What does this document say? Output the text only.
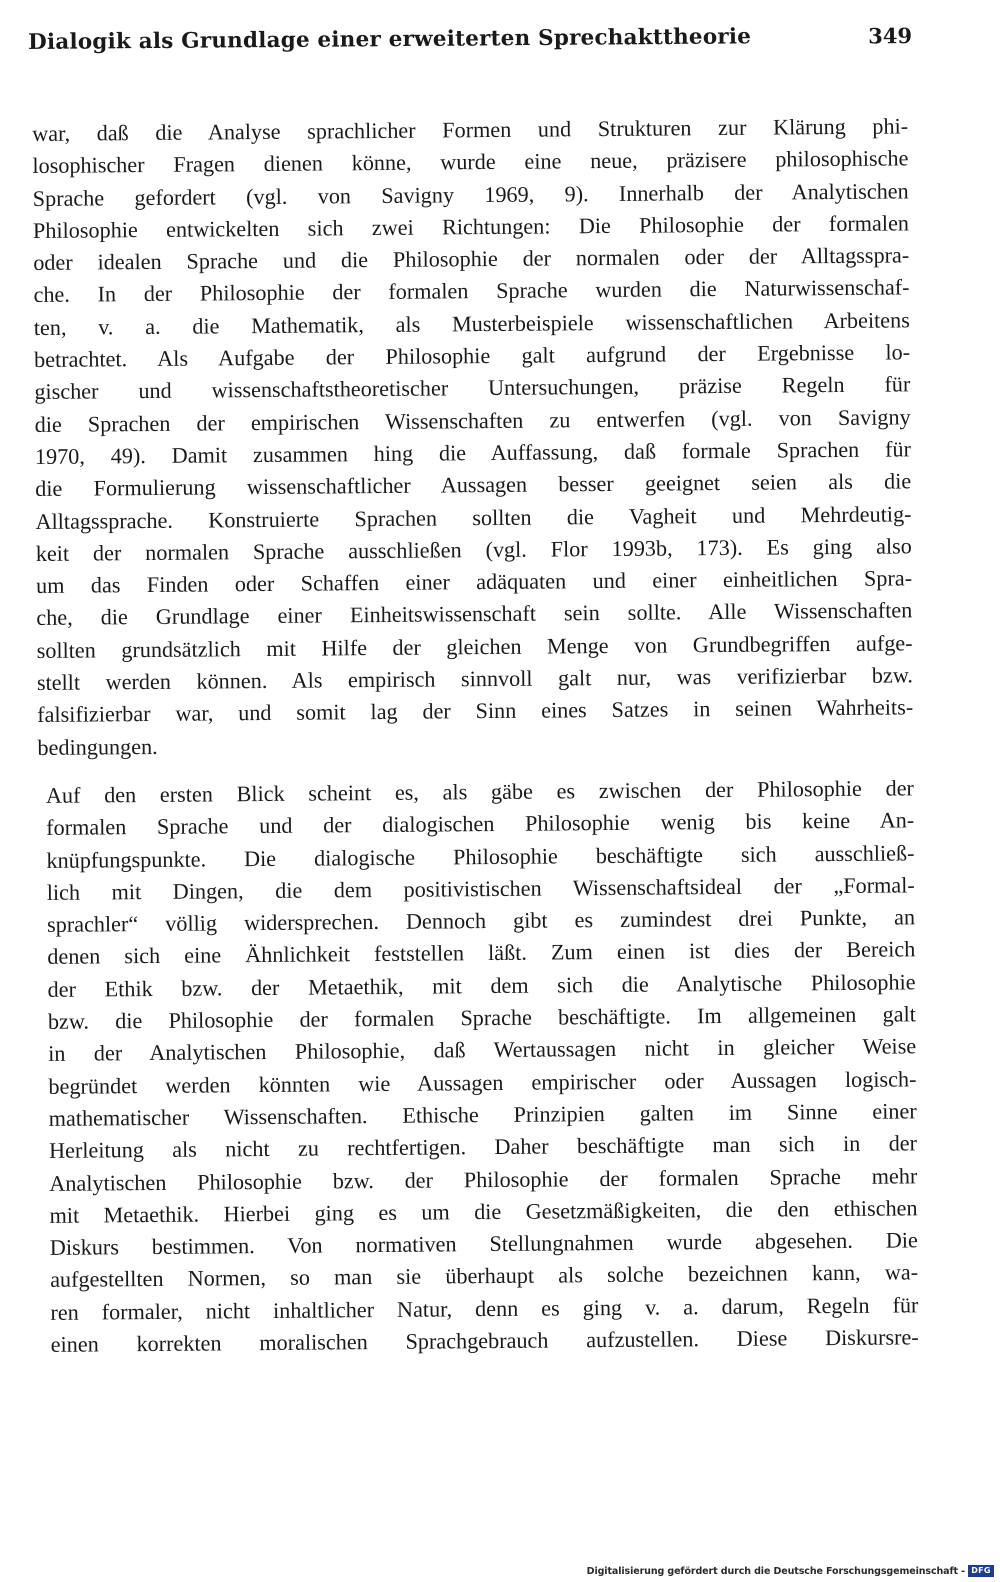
Dialogik als Grundlage einer erweiterten Sprechakttheorie	349
war, daß die Analyse sprachlicher Formen und Strukturen zur Klärung phi-
losophischer Fragen dienen könne, wurde eine neue, präzisere philosophische
Sprache gefordert (vgl. von Savigny 1969, 9). Innerhalb der Analytischen
Philosophie entwickelten sich zwei Richtungen: Die Philosophie der formalen
oder idealen Sprache und die Philosophie der normalen oder der Alltagsspra-
che. In der Philosophie der formalen Sprache wurden die Naturwissenschaf-
ten, v. a. die Mathematik, als Musterbeispiele wissenschaftlichen Arbeitens
betrachtet. Als Aufgabe der Philosophie galt aufgrund der Ergebnisse lo-
gischer und wissenschaftstheoretischer Untersuchungen, präzise Regeln für
die Sprachen der empirischen Wissenschaften zu entwerfen (vgl. von Savigny
1970, 49). Damit zusammen hing die Auffassung, daß formale Sprachen für
die Formulierung wissenschaftlicher Aussagen besser geeignet seien als die
Alltagssprache. Konstruierte Sprachen sollten die Vagheit und Mehrdeutig-
keit der normalen Sprache ausschließen (vgl. Flor 1993b, 173). Es ging also
um das Finden oder Schaffen einer adäquaten und einer einheitlichen Spra-
che, die Grundlage einer Einheitswissenschaft sein sollte. Alle Wissenschaften
sollten grundsätzlich mit Hilfe der gleichen Menge von Grundbegriffen aufge-
stellt werden können. Als empirisch sinnvoll galt nur, was verifizierbar bzw.
falsifizierbar war, und somit lag der Sinn eines Satzes in seinen Wahrheits-
bedingungen.
Auf den ersten Blick scheint es, als gäbe es zwischen der Philosophie der
formalen Sprache und der dialogischen Philosophie wenig bis keine An-
knüpfungspunkte. Die dialogische Philosophie beschäftigte sich ausschließ-
lich mit Dingen, die dem positivistischen Wissenschaftsideal der „Formal-
sprachler“ völlig widersprechen. Dennoch gibt es zumindest drei Punkte, an
denen sich eine Ähnlichkeit feststellen läßt. Zum einen ist dies der Bereich
der Ethik bzw. der Metaethik, mit dem sich die Analytische Philosophie
bzw. die Philosophie der formalen Sprache beschäftigte. Im allgemeinen galt
in der Analytischen Philosophie, daß Wertaussagen nicht in gleicher Weise
begründet werden könnten wie Aussagen empirischer oder Aussagen logisch-
mathematischer Wissenschaften. Ethische Prinzipien galten im Sinne einer
Herleitung als nicht zu rechtfertigen. Daher beschäftigte man sich in der
Analytischen Philosophie bzw. der Philosophie der formalen Sprache mehr
mit Metaethik. Hierbei ging es um die Gesetzmäßigkeiten, die den ethischen
Diskurs bestimmen. Von normativen Stellungnahmen wurde abgesehen. Die
aufgestellten Normen, so man sie überhaupt als solche bezeichnen kann, wa-
ren formaler, nicht inhaltlicher Natur, denn es ging v. a. darum, Regeln für
einen korrekten moralischen Sprachgebrauch aufzustellen. Diese Diskursre-
Digitalisierung gefördert durch die Deutsche Forschungsgemeinschaft - DFG
